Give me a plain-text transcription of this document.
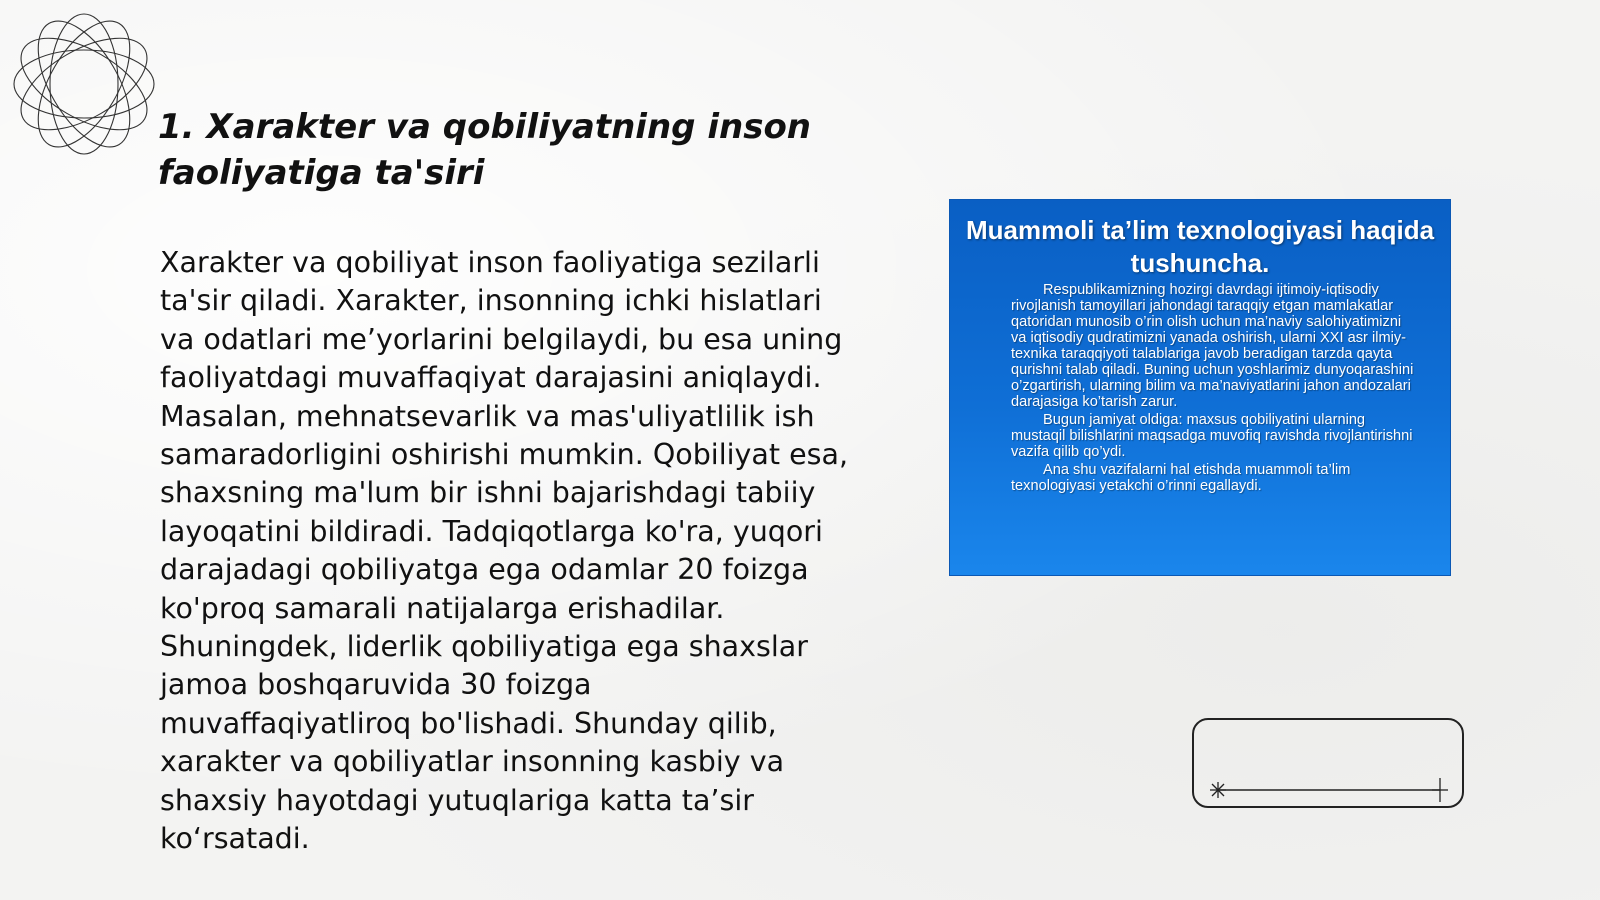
1. Xarakter va qobiliyatning inson faoliyatiga ta'siri

Xarakter va qobiliyat inson faoliyatiga sezilarli ta'sir qiladi. Xarakter, insonning ichki hislatlari va odatlari me’yorlarini belgilaydi, bu esa uning faoliyatdagi muvaffaqiyat darajasini aniqlaydi. Masalan, mehnatsevarlik va mas'uliyatlilik ish samaradorligini oshirishi mumkin. Qobiliyat esa, shaxsning ma'lum bir ishni bajarishdagi tabiiy layoqatini bildiradi. Tadqiqotlarga ko'ra, yuqori darajadagi qobiliyatga ega odamlar 20 foizga ko'proq samarali natijalarga erishadilar. Shuningdek, liderlik qobiliyatiga ega shaxslar jamoa boshqaruvida 30 foizga muvaffaqiyatliroq bo'lishadi. Shunday qilib, xarakter va qobiliyatlar insonning kasbiy va shaxsiy hayotdagi yutuqlariga katta ta’sir ko‘rsatadi.

Muammoli ta’lim texnologiyasi haqida tushuncha.
Respublikamizning hozirgi davrdagi ijtimoiy-iqtisodiy rivojlanish tamoyillari jahondagi taraqqiy etgan mamlakatlar qatoridan munosib o’rin olish uchun ma’naviy salohiyatimizni va iqtisodiy qudratimizni yanada oshirish, ularni XXI asr ilmiy-texnika taraqqiyoti talablariga javob beradigan tarzda qayta qurishni talab qiladi. Buning uchun yoshlarimiz dunyoqarashini o’zgartirish, ularning bilim va ma’naviyatlarini jahon andozalari darajasiga ko’tarish zarur.
Bugun jamiyat oldiga: maxsus qobiliyatini ularning mustaqil bilishlarini maqsadga muvofiq ravishda rivojlantirishni vazifa qilib qo’ydi.
Ana shu vazifalarni hal etishda muammoli ta’lim texnologiyasi yetakchi o’rinni egallaydi.
